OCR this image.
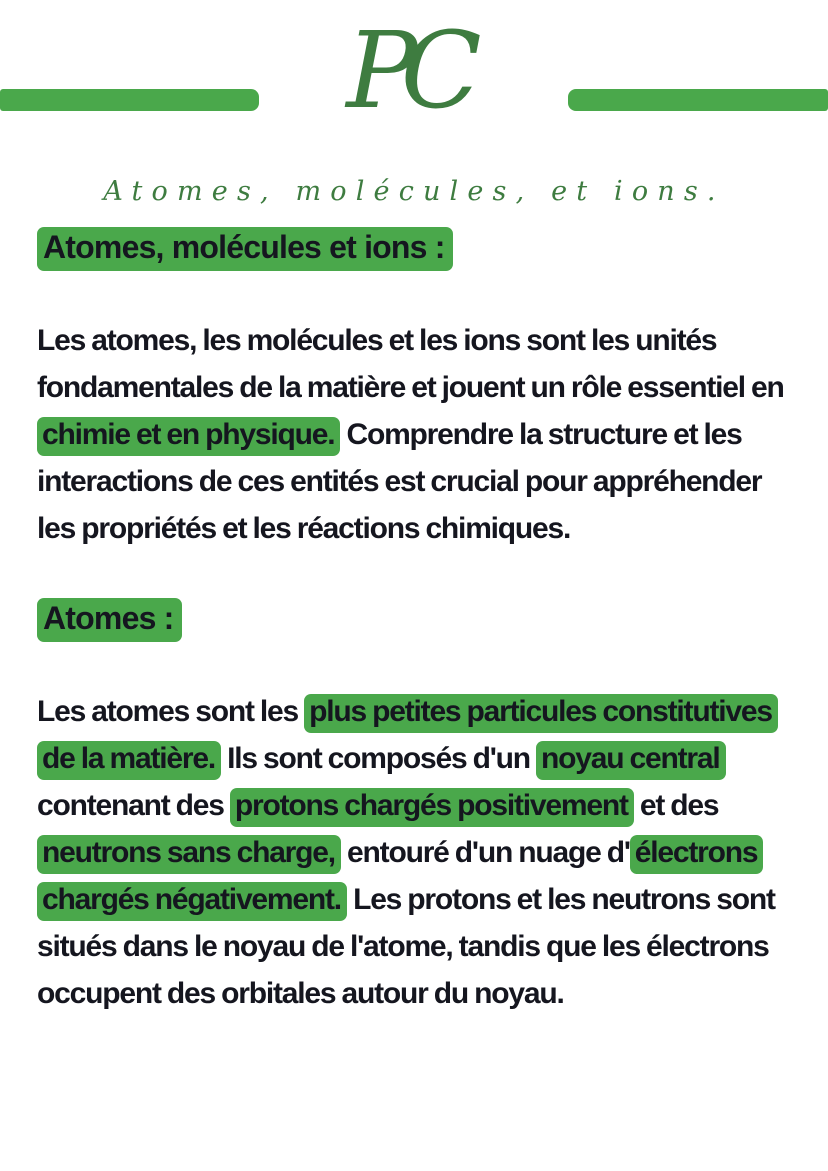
PC
Atomes, molécules, et ions.
Atomes, molécules et ions :

Les atomes, les molécules et les ions sont les unités fondamentales de la matière et jouent un rôle essentiel en chimie et en physique. Comprendre la structure et les interactions de ces entités est crucial pour appréhender les propriétés et les réactions chimiques.

Atomes :

Les atomes sont les plus petites particules constitutives de la matière. Ils sont composés d'un noyau central contenant des protons chargés positivement et des neutrons sans charge, entouré d'un nuage d' électrons chargés négativement. Les protons et les neutrons sont situés dans le noyau de l'atome, tandis que les électrons occupent des orbitales autour du noyau.
